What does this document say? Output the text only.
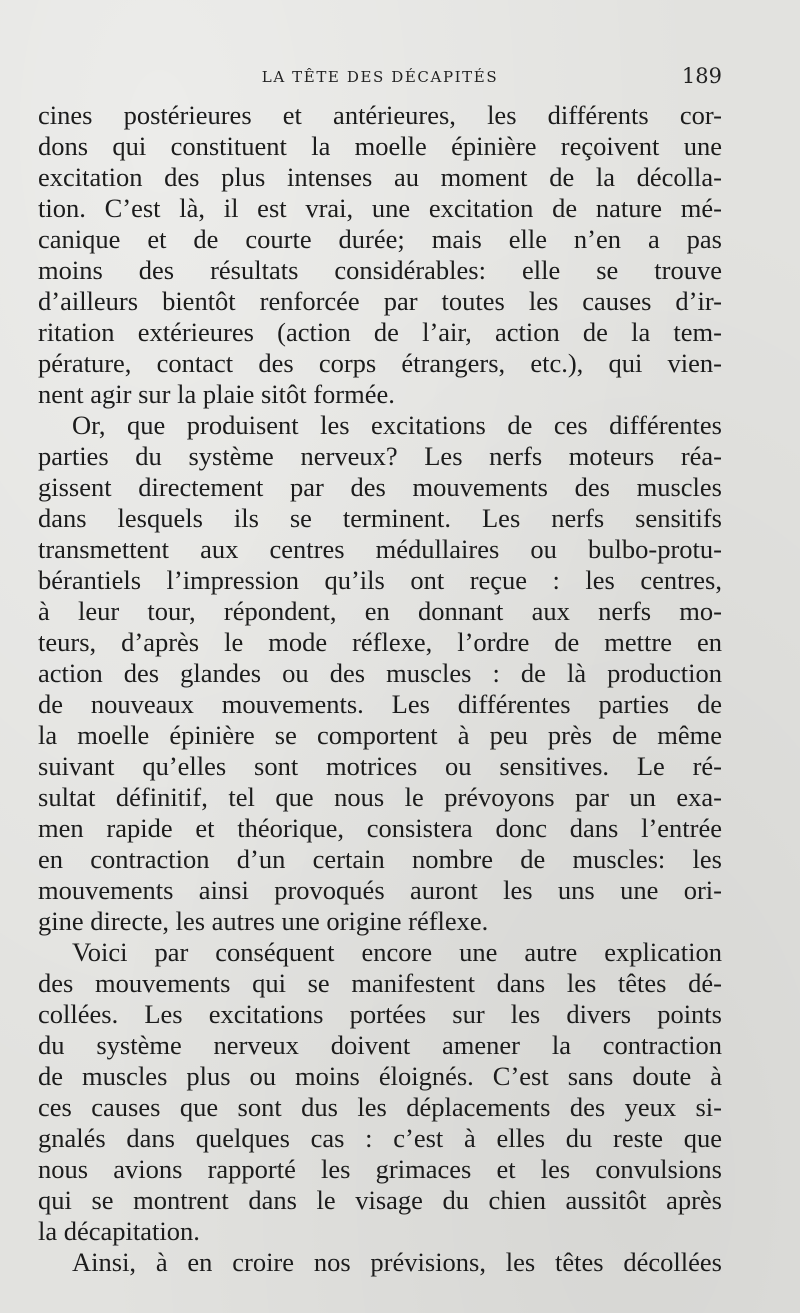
LA TÊTE DES DÉCAPITÉS	189
cines postérieures et antérieures, les différents cor-
dons qui constituent la moelle épinière reçoivent une
excitation des plus intenses au moment de la décolla-
tion. C’est là, il est vrai, une excitation de nature mé-
canique et de courte durée; mais elle n’en a pas
moins des résultats considérables: elle se trouve
d’ailleurs bientôt renforcée par toutes les causes d’ir-
ritation extérieures (action de l’air, action de la tem-
pérature, contact des corps étrangers, etc.), qui vien-
nent agir sur la plaie sitôt formée.
Or, que produisent les excitations de ces différentes
parties du système nerveux? Les nerfs moteurs réa-
gissent directement par des mouvements des muscles
dans lesquels ils se terminent. Les nerfs sensitifs
transmettent aux centres médullaires ou bulbo-protu-
bérantiels l’impression qu’ils ont reçue : les centres,
à leur tour, répondent, en donnant aux nerfs mo-
teurs, d’après le mode réflexe, l’ordre de mettre en
action des glandes ou des muscles : de là production
de nouveaux mouvements. Les différentes parties de
la moelle épinière se comportent à peu près de même
suivant qu’elles sont motrices ou sensitives. Le ré-
sultat définitif, tel que nous le prévoyons par un exa-
men rapide et théorique, consistera donc dans l’entrée
en contraction d’un certain nombre de muscles: les
mouvements ainsi provoqués auront les uns une ori-
gine directe, les autres une origine réflexe.
Voici par conséquent encore une autre explication
des mouvements qui se manifestent dans les têtes dé-
collées. Les excitations portées sur les divers points
du système nerveux doivent amener la contraction
de muscles plus ou moins éloignés. C’est sans doute à
ces causes que sont dus les déplacements des yeux si-
gnalés dans quelques cas : c’est à elles du reste que
nous avions rapporté les grimaces et les convulsions
qui se montrent dans le visage du chien aussitôt après
la décapitation.
Ainsi, à en croire nos prévisions, les têtes décollées
